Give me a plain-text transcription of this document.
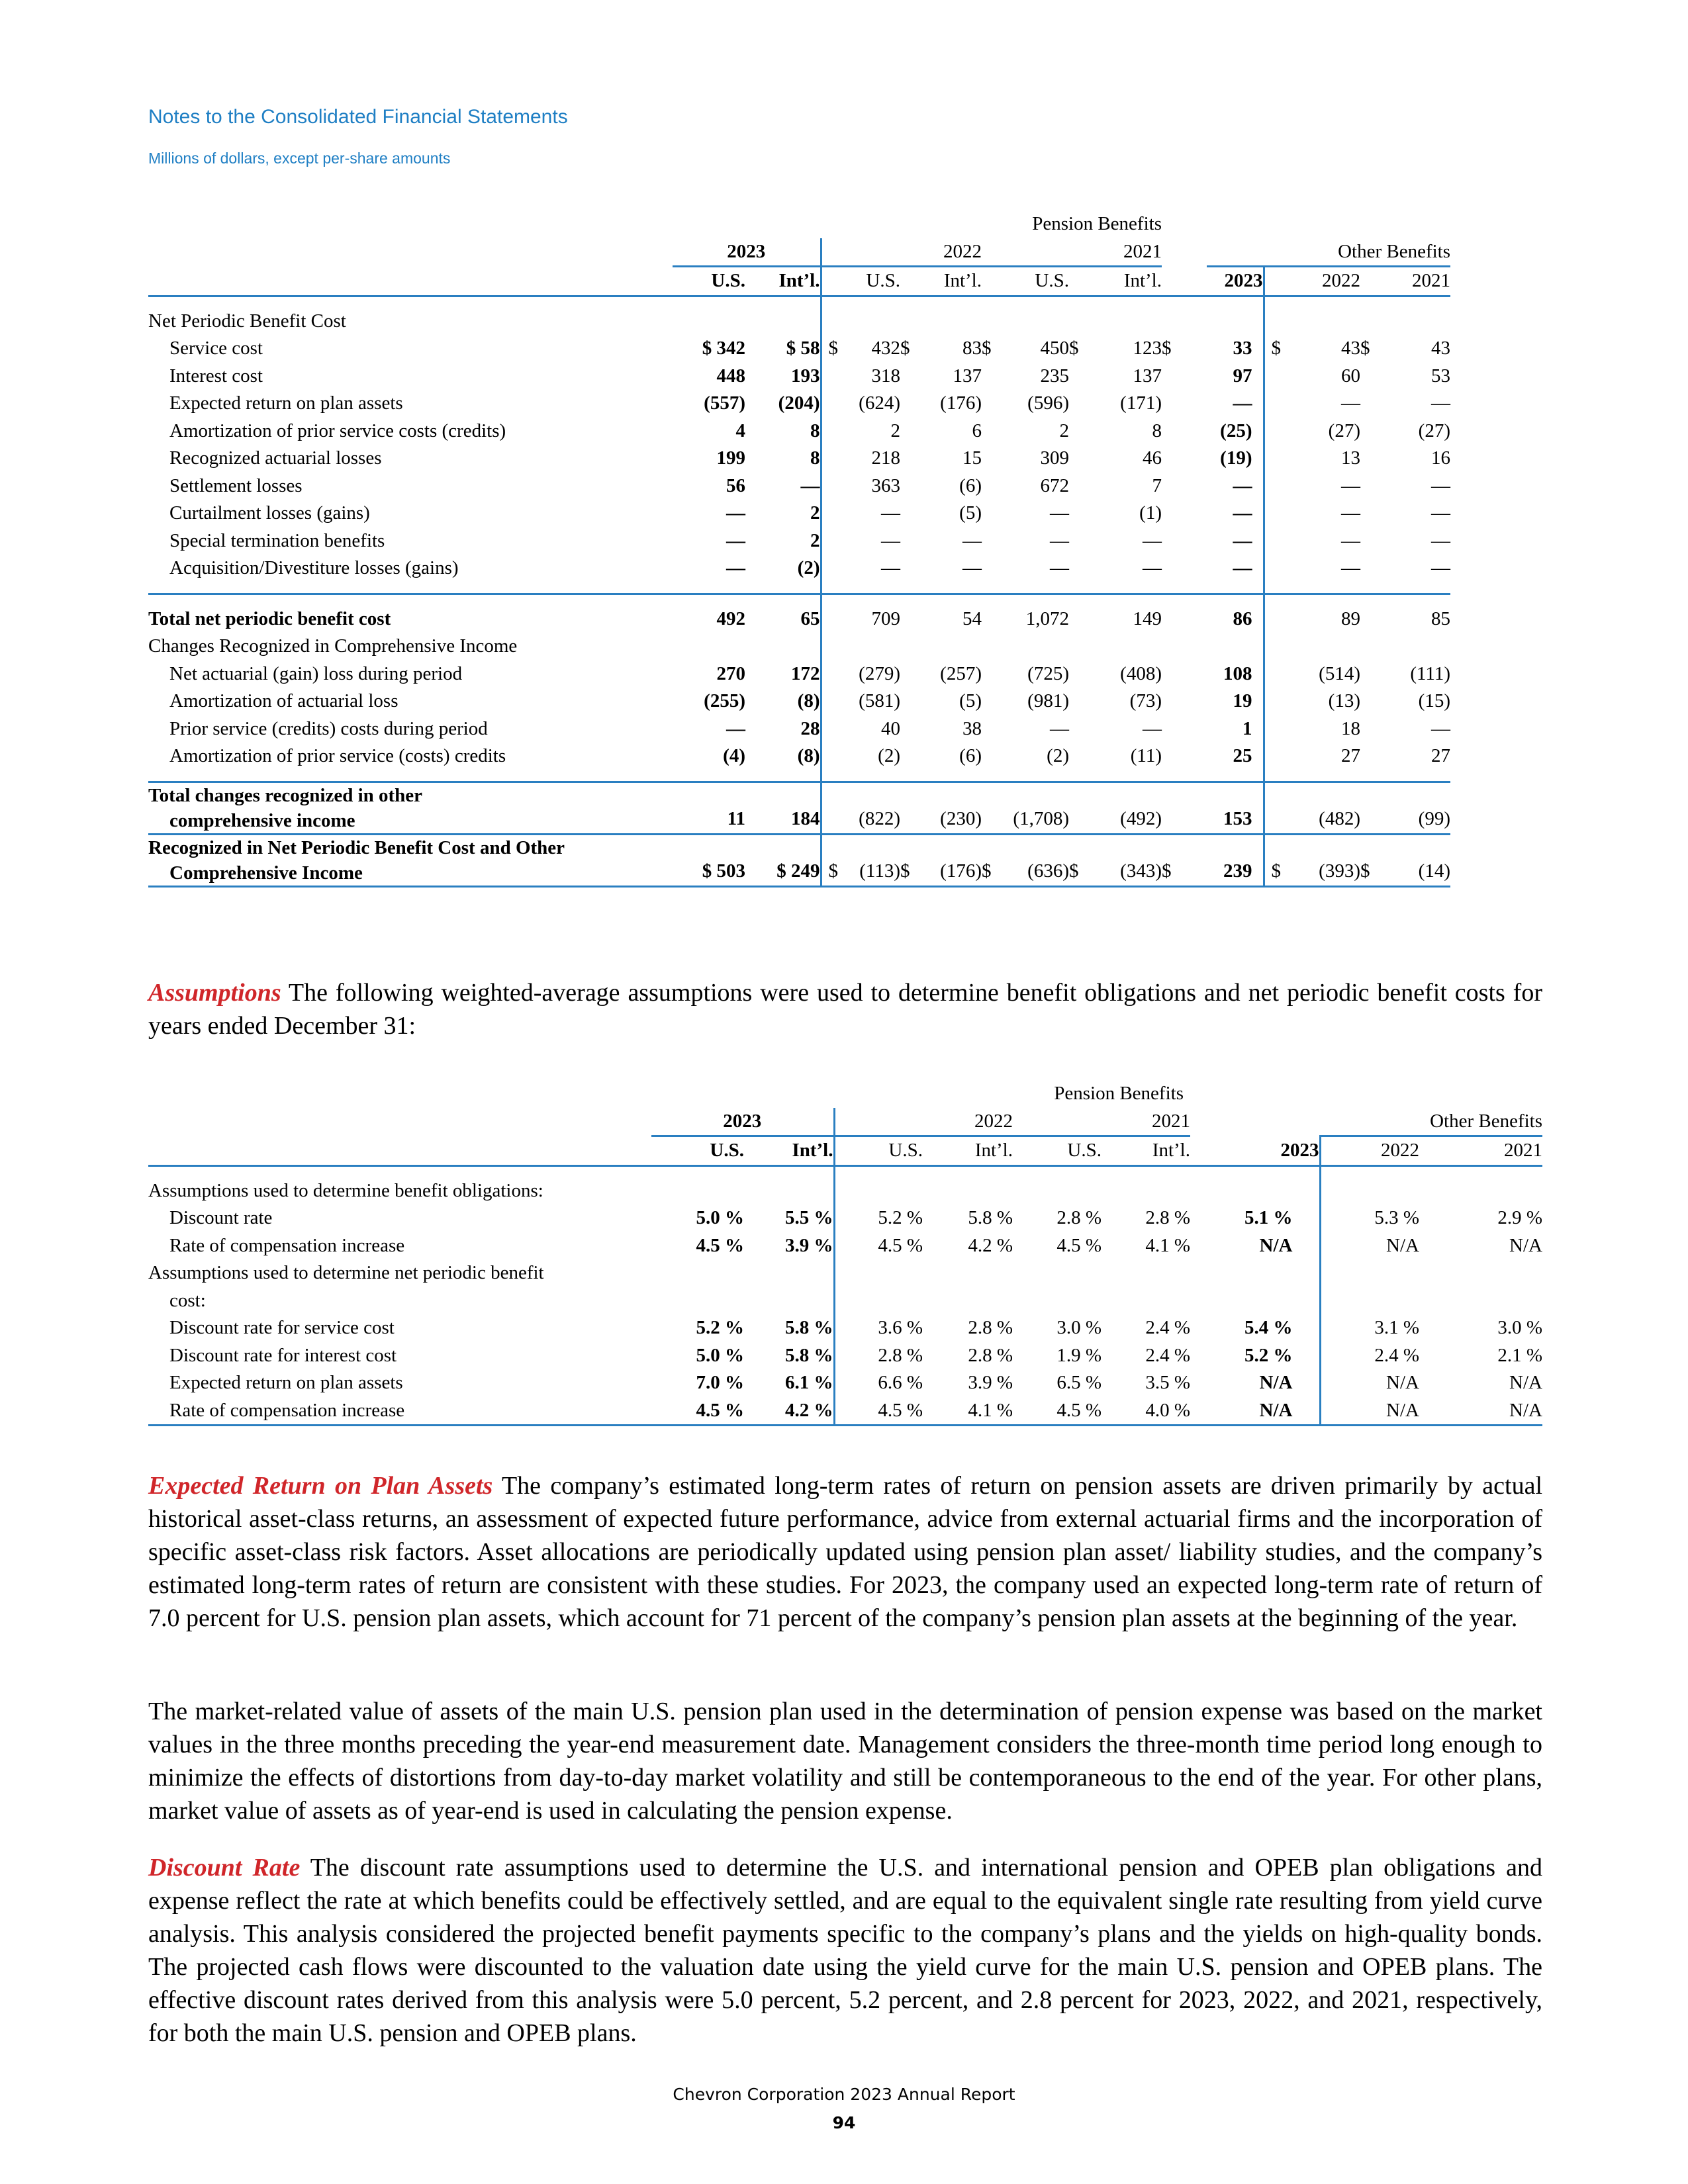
Notes to the Consolidated Financial Statements
Millions of dollars, except per-share amounts
			Pension Benefits													
	2023		2022				2021					Other Benefits				
	U.S.	Int’l.	U.S.		Int’l.		U.S.		Int’l.		2023		2022		2021	

Net Periodic Benefit Cost																
Service cost	$ 342	$ 58	$	432	$	83	$	450	$	123	$	33	$	43	$	43
Interest cost	448	193		318		137		235		137		97		60		53
Expected return on plan assets	(557)	(204)		(624)		(176)		(596)		(171)		—		—		—
Amortization of prior service costs (credits)	4	8		2		6		2		8		(25)		(27)		(27)
Recognized actuarial losses	199	8		218		15		309		46		(19)		13		16
Settlement losses	56	—		363		(6)		672		7		—		—		—
Curtailment losses (gains)	—	2		—		(5)		—		(1)		—		—		—
Special termination benefits	—	2		—		—		—		—		—		—		—
Acquisition/Divestiture losses (gains)	—	(2)		—		—		—		—		—		—		—

Total net periodic benefit cost	492	65		709		54		1,072		149		86		89		85
Changes Recognized in Comprehensive Income																
Net actuarial (gain) loss during period	270	172		(279)		(257)		(725)		(408)		108		(514)		(111)
Amortization of actuarial loss	(255)	(8)		(581)		(5)		(981)		(73)		19		(13)		(15)
Prior service (credits) costs during period	—	28		40		38		—		—		1		18		—
Amortization of prior service (costs) credits	(4)	(8)		(2)		(6)		(2)		(11)		25		27		27

Total changes recognized in other
comprehensive income	11	184		(822)		(230)		(1,708)		(492)		153		(482)		(99)

Recognized in Net Periodic Benefit Cost and Other
Comprehensive Income	$ 503	$ 249	$	(113)	$	(176)	$	(636)	$	(343)	$	239	$	(393)	$	(14)
Assumptions The following weighted-average assumptions were used to determine benefit obligations and net periodic benefit costs for years ended December 31:
			Pension Benefits						
	2023		2022		2021			Other Benefits	
	U.S.	Int’l.	U.S.	Int’l.	U.S.	Int’l.	2023	2022	2021

Assumptions used to determine benefit obligations:									
Discount rate	5.0 %	5.5 %	5.2 %	5.8 %	2.8 %	2.8 %	5.1 %	5.3 %	2.9 %
Rate of compensation increase	4.5 %	3.9 %	4.5 %	4.2 %	4.5 %	4.1 %	N/A	N/A	N/A
Assumptions used to determine net periodic benefit									
cost:									
Discount rate for service cost	5.2 %	5.8 %	3.6 %	2.8 %	3.0 %	2.4 %	5.4 %	3.1 %	3.0 %
Discount rate for interest cost	5.0 %	5.8 %	2.8 %	2.8 %	1.9 %	2.4 %	5.2 %	2.4 %	2.1 %
Expected return on plan assets	7.0 %	6.1 %	6.6 %	3.9 %	6.5 %	3.5 %	N/A	N/A	N/A
Rate of compensation increase	4.5 %	4.2 %	4.5 %	4.1 %	4.5 %	4.0 %	N/A	N/A	N/A
Expected Return on Plan Assets The company’s estimated long-term rates of return on pension assets are driven primarily by actual historical asset-class returns, an assessment of expected future performance, advice from external actuarial firms and the incorporation of specific asset-class risk factors. Asset allocations are periodically updated using pension plan asset/ liability studies, and the company’s estimated long-term rates of return are consistent with these studies. For 2023, the company used an expected long-term rate of return of 7.0 percent for U.S. pension plan assets, which account for 71 percent of the company’s pension plan assets at the beginning of the year.
The market-related value of assets of the main U.S. pension plan used in the determination of pension expense was based on the market values in the three months preceding the year-end measurement date. Management considers the three-month time period long enough to minimize the effects of distortions from day-to-day market volatility and still be contemporaneous to the end of the year. For other plans, market value of assets as of year-end is used in calculating the pension expense.
Discount Rate The discount rate assumptions used to determine the U.S. and international pension and OPEB plan obligations and expense reflect the rate at which benefits could be effectively settled, and are equal to the equivalent single rate resulting from yield curve analysis. This analysis considered the projected benefit payments specific to the company’s plans and the yields on high-quality bonds. The projected cash flows were discounted to the valuation date using the yield curve for the main U.S. pension and OPEB plans. The effective discount rates derived from this analysis were 5.0 percent, 5.2 percent, and 2.8 percent for 2023, 2022, and 2021, respectively, for both the main U.S. pension and OPEB plans.
Chevron Corporation 2023 Annual Report
94
